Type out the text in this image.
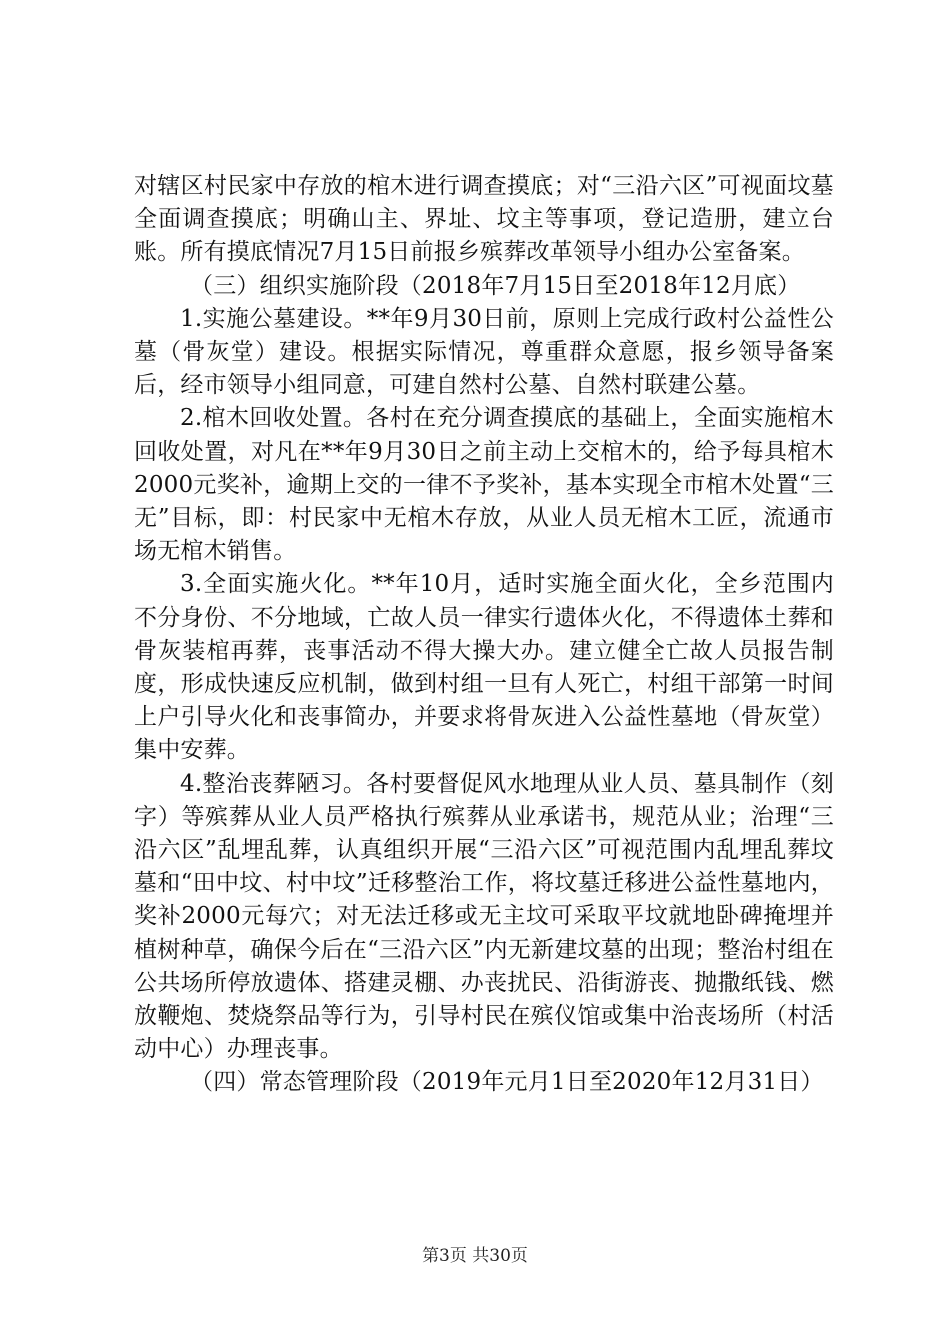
对辖区村民家中存放的棺木进行调查摸底；对“三沿六区”可视面坟墓全面调查摸底；明确山主、界址、坟主等事项，登记造册，建立台账。所有摸底情况7月15日前报乡殡葬改革领导小组办公室备案。

（三）组织实施阶段（2018年7月15日至2018年12月底）

1.实施公墓建设。**年9月30日前，原则上完成行政村公益性公墓（骨灰堂）建设。根据实际情况，尊重群众意愿，报乡领导备案后，经市领导小组同意，可建自然村公墓、自然村联建公墓。

2.棺木回收处置。各村在充分调查摸底的基础上，全面实施棺木回收处置，对凡在**年9月30日之前主动上交棺木的，给予每具棺木2000元奖补，逾期上交的一律不予奖补，基本实现全市棺木处置“三无”目标，即：村民家中无棺木存放，从业人员无棺木工匠，流通市场无棺木销售。

3.全面实施火化。**年10月，适时实施全面火化，全乡范围内不分身份、不分地域，亡故人员一律实行遗体火化，不得遗体土葬和骨灰装棺再葬，丧事活动不得大操大办。建立健全亡故人员报告制度，形成快速反应机制，做到村组一旦有人死亡，村组干部第一时间上户引导火化和丧事简办，并要求将骨灰进入公益性墓地（骨灰堂）集中安葬。

4.整治丧葬陋习。各村要督促风水地理从业人员、墓具制作（刻字）等殡葬从业人员严格执行殡葬从业承诺书，规范从业；治理“三沿六区”乱埋乱葬，认真组织开展“三沿六区”可视范围内乱埋乱葬坟墓和“田中坟、村中坟”迁移整治工作，将坟墓迁移进公益性墓地内，奖补2000元每穴；对无法迁移或无主坟可采取平坟就地卧碑掩埋并植树种草，确保今后在“三沿六区”内无新建坟墓的出现；整治村组在公共场所停放遗体、搭建灵棚、办丧扰民、沿街游丧、抛撒纸钱、燃放鞭炮、焚烧祭品等行为，引导村民在殡仪馆或集中治丧场所（村活动中心）办理丧事。

（四）常态管理阶段（2019年元月1日至2020年12月31日）

第3页 共30页
